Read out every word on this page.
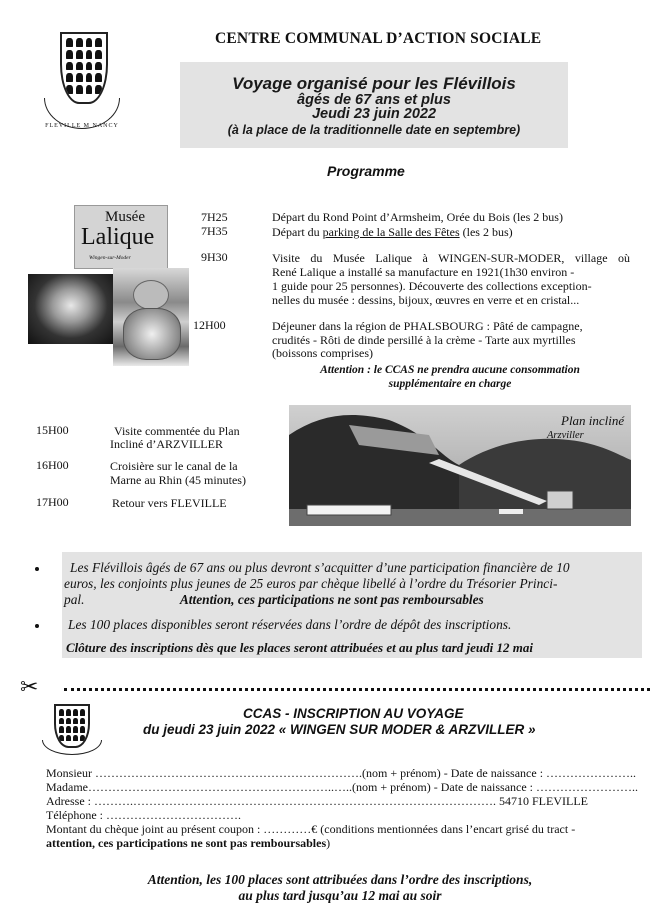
FLEVILLE M NANCY
CENTRE COMMUNAL D’ACTION SOCIALE
Voyage organisé pour les Flévillois
âgés de 67 ans et plus
Jeudi 23 juin 2022
(à la place de la traditionnelle date en septembre)
Programme
Musée
Lalique
Wingen-sur-Moder
7H25	Départ du Rond Point d’Armsheim, Orée du Bois (les 2 bus)
7H35	Départ du parking de la Salle des Fêtes (les 2 bus)
9H30	Visite du Musée Lalique à WINGEN-SUR-MODER, village où
René Lalique a installé sa manufacture en 1921(1h30 environ -
1 guide pour 25 personnes). Découverte des collections exception-
nelles du musée : dessins, bijoux, œuvres en verre et en cristal...
12H00	Déjeuner dans la région de PHALSBOURG : Pâté de campagne,
crudités - Rôti de dinde persillé à la crème - Tarte aux myrtilles
(boissons comprises)
Attention : le CCAS ne prendra aucune consommation
supplémentaire en charge
15H00	Visite commentée du Plan
Incliné d’ARZVILLER
16H00	Croisière sur le canal de la
Marne au Rhin (45 minutes)
17H00	Retour vers FLEVILLE
Plan incliné
Arzviller
Les Flévillois âgés de 67 ans ou plus devront s’acquitter d’une participation financière de 10
euros, les conjoints plus jeunes de 25 euros par chèque libellé à l’ordre du Trésorier Princi-
pal.	Attention, ces participations ne sont pas remboursables
Les 100 places disponibles seront réservées dans l’ordre de dépôt des inscriptions.
Clôture des inscriptions dès que les places seront attribuées et au plus tard jeudi 12 mai
✂
CCAS - INSCRIPTION AU VOYAGE
du jeudi 23 juin 2022 « WINGEN SUR MODER & ARZVILLER »
Monsieur ………………………………………………………….(nom + prénom) - Date de naissance : …………………..
Madame……………………………………………………..…..(nom + prénom) - Date de naissance : ……………………..
Adresse : ……….………………………………………………………………………………. 54710 FLEVILLE
Téléphone : …………………………….
Montant du chèque joint au présent coupon : …………€ (conditions mentionnées dans l’encart grisé du tract -
attention, ces participations ne sont pas remboursables)
Attention, les 100 places sont attribuées dans l’ordre des inscriptions,
au plus tard jusqu’au 12 mai au soir
